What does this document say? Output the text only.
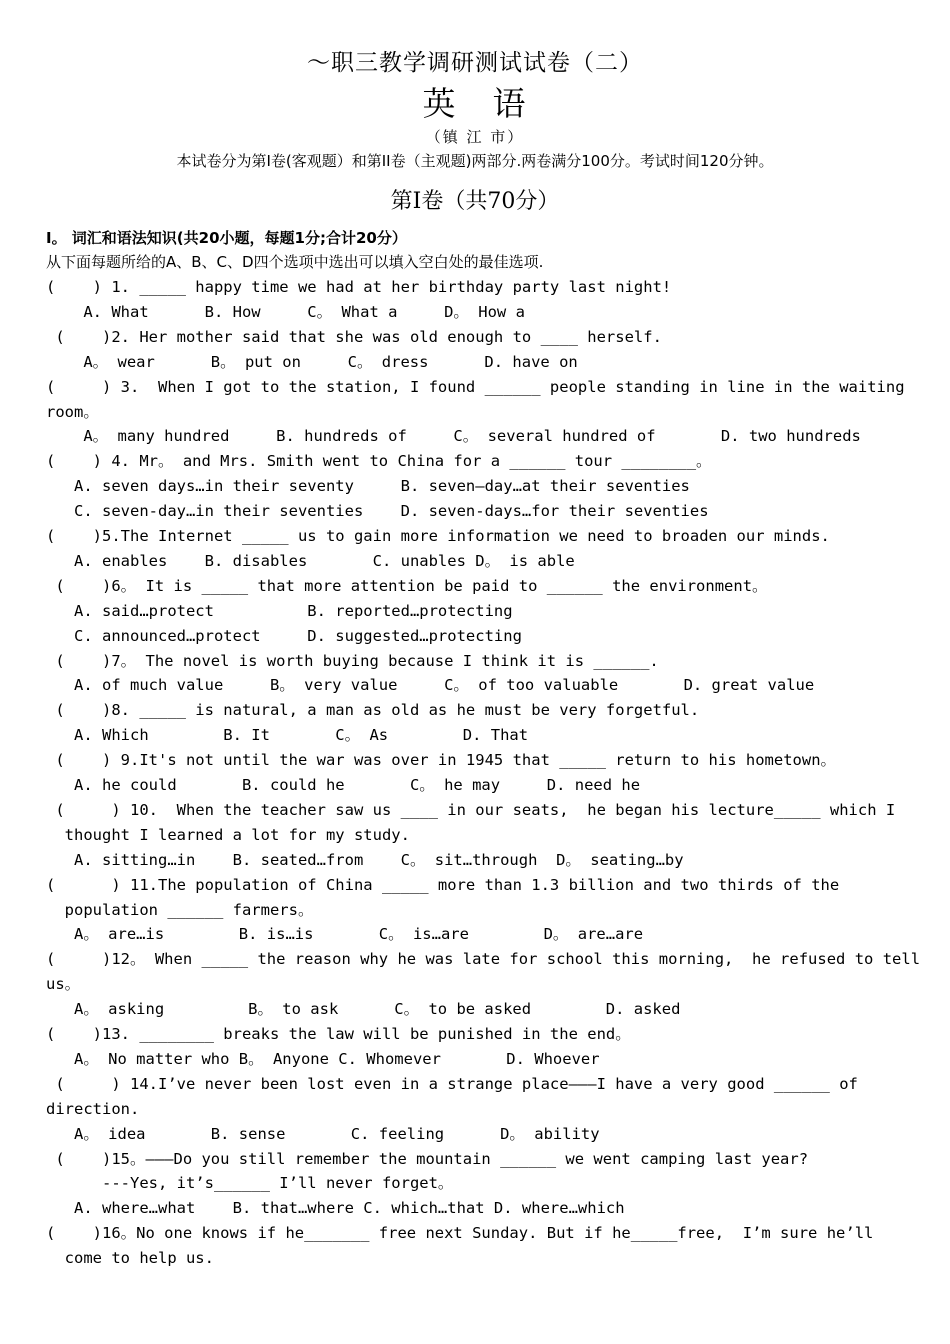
～职三教学调研测试试卷（二）
英　语
（镇 江 市）
本试卷分为第Ⅰ卷(客观题）和第ⅠⅠ卷（主观题)两部分.两卷满分100分。考试时间120分钟。
第Ⅰ卷（共70分）
Ⅰ。 词汇和语法知识(共20小题，每题1分;合计20分）
从下面每题所给的A、B、C、D四个选项中选出可以填入空白处的最佳选项.
(    ) 1. _____ happy time we had at her birthday party last night!
A. What      B. How     C。 What a     D。 How a
(    )2. Her mother said that she was old enough to ____ herself.
A。 wear      B。 put on     C。 dress      D. have on
(     ) 3.  When I got to the station, I found ______ people standing in line in the waiting
room。
A。 many hundred     B. hundreds of     C。 several hundred of       D. two hundreds
(    ) 4. Mr。 and Mrs. Smith went to China for a ______ tour ________。
A. seven days…in their seventy     B. seven—day…at their seventies
C. seven-day…in their seventies    D. seven-days…for their seventies
(    )5.The Internet _____ us to gain more information we need to broaden our minds.
A. enables    B. disables       C. unables D。 is able
(    )6。 It is _____ that more attention be paid to ______ the environment。
A. said…protect          B. reported…protecting
C. announced…protect     D. suggested…protecting
(    )7。 The novel is worth buying because I think it is ______.
A. of much value     B。 very value     C。 of too valuable       D. great value
(    )8. _____ is natural, a man as old as he must be very forgetful.
A. Which        B. It       C。 As        D. That
(    ) 9.It's not until the war was over in 1945 that _____ return to his hometown。
A. he could       B. could he       C。 he may     D. need he
(     ) 10.  When the teacher saw us ____ in our seats,  he began his lecture_____ which I
thought I learned a lot for my study.
A. sitting…in    B. seated…from    C。 sit…through  D。 seating…by
(      ) 11.The population of China _____ more than 1.3 billion and two thirds of the
population ______ farmers。
A。 are…is        B. is…is       C。 is…are        D。 are…are
(     )12。 When _____ the reason why he was late for school this morning,  he refused to tell
us。
A。 asking         B。 to ask      C。 to be asked        D. asked
(    )13. ________ breaks the law will be punished in the end。
A。 No matter who B。 Anyone C. Whomever       D. Whoever
(     ) 14.I’ve never been lost even in a strange place———I have a very good ______ of
direction.
A。 idea       B. sense       C. feeling      D。 ability
(    )15。———Do you still remember the mountain ______ we went camping last year?
---Yes, it’s______ I’ll never forget。
A. where…what    B. that…where C. which…that D. where…which
(    )16。No one knows if he_______ free next Sunday. But if he_____free,  I’m sure he’ll
come to help us.
